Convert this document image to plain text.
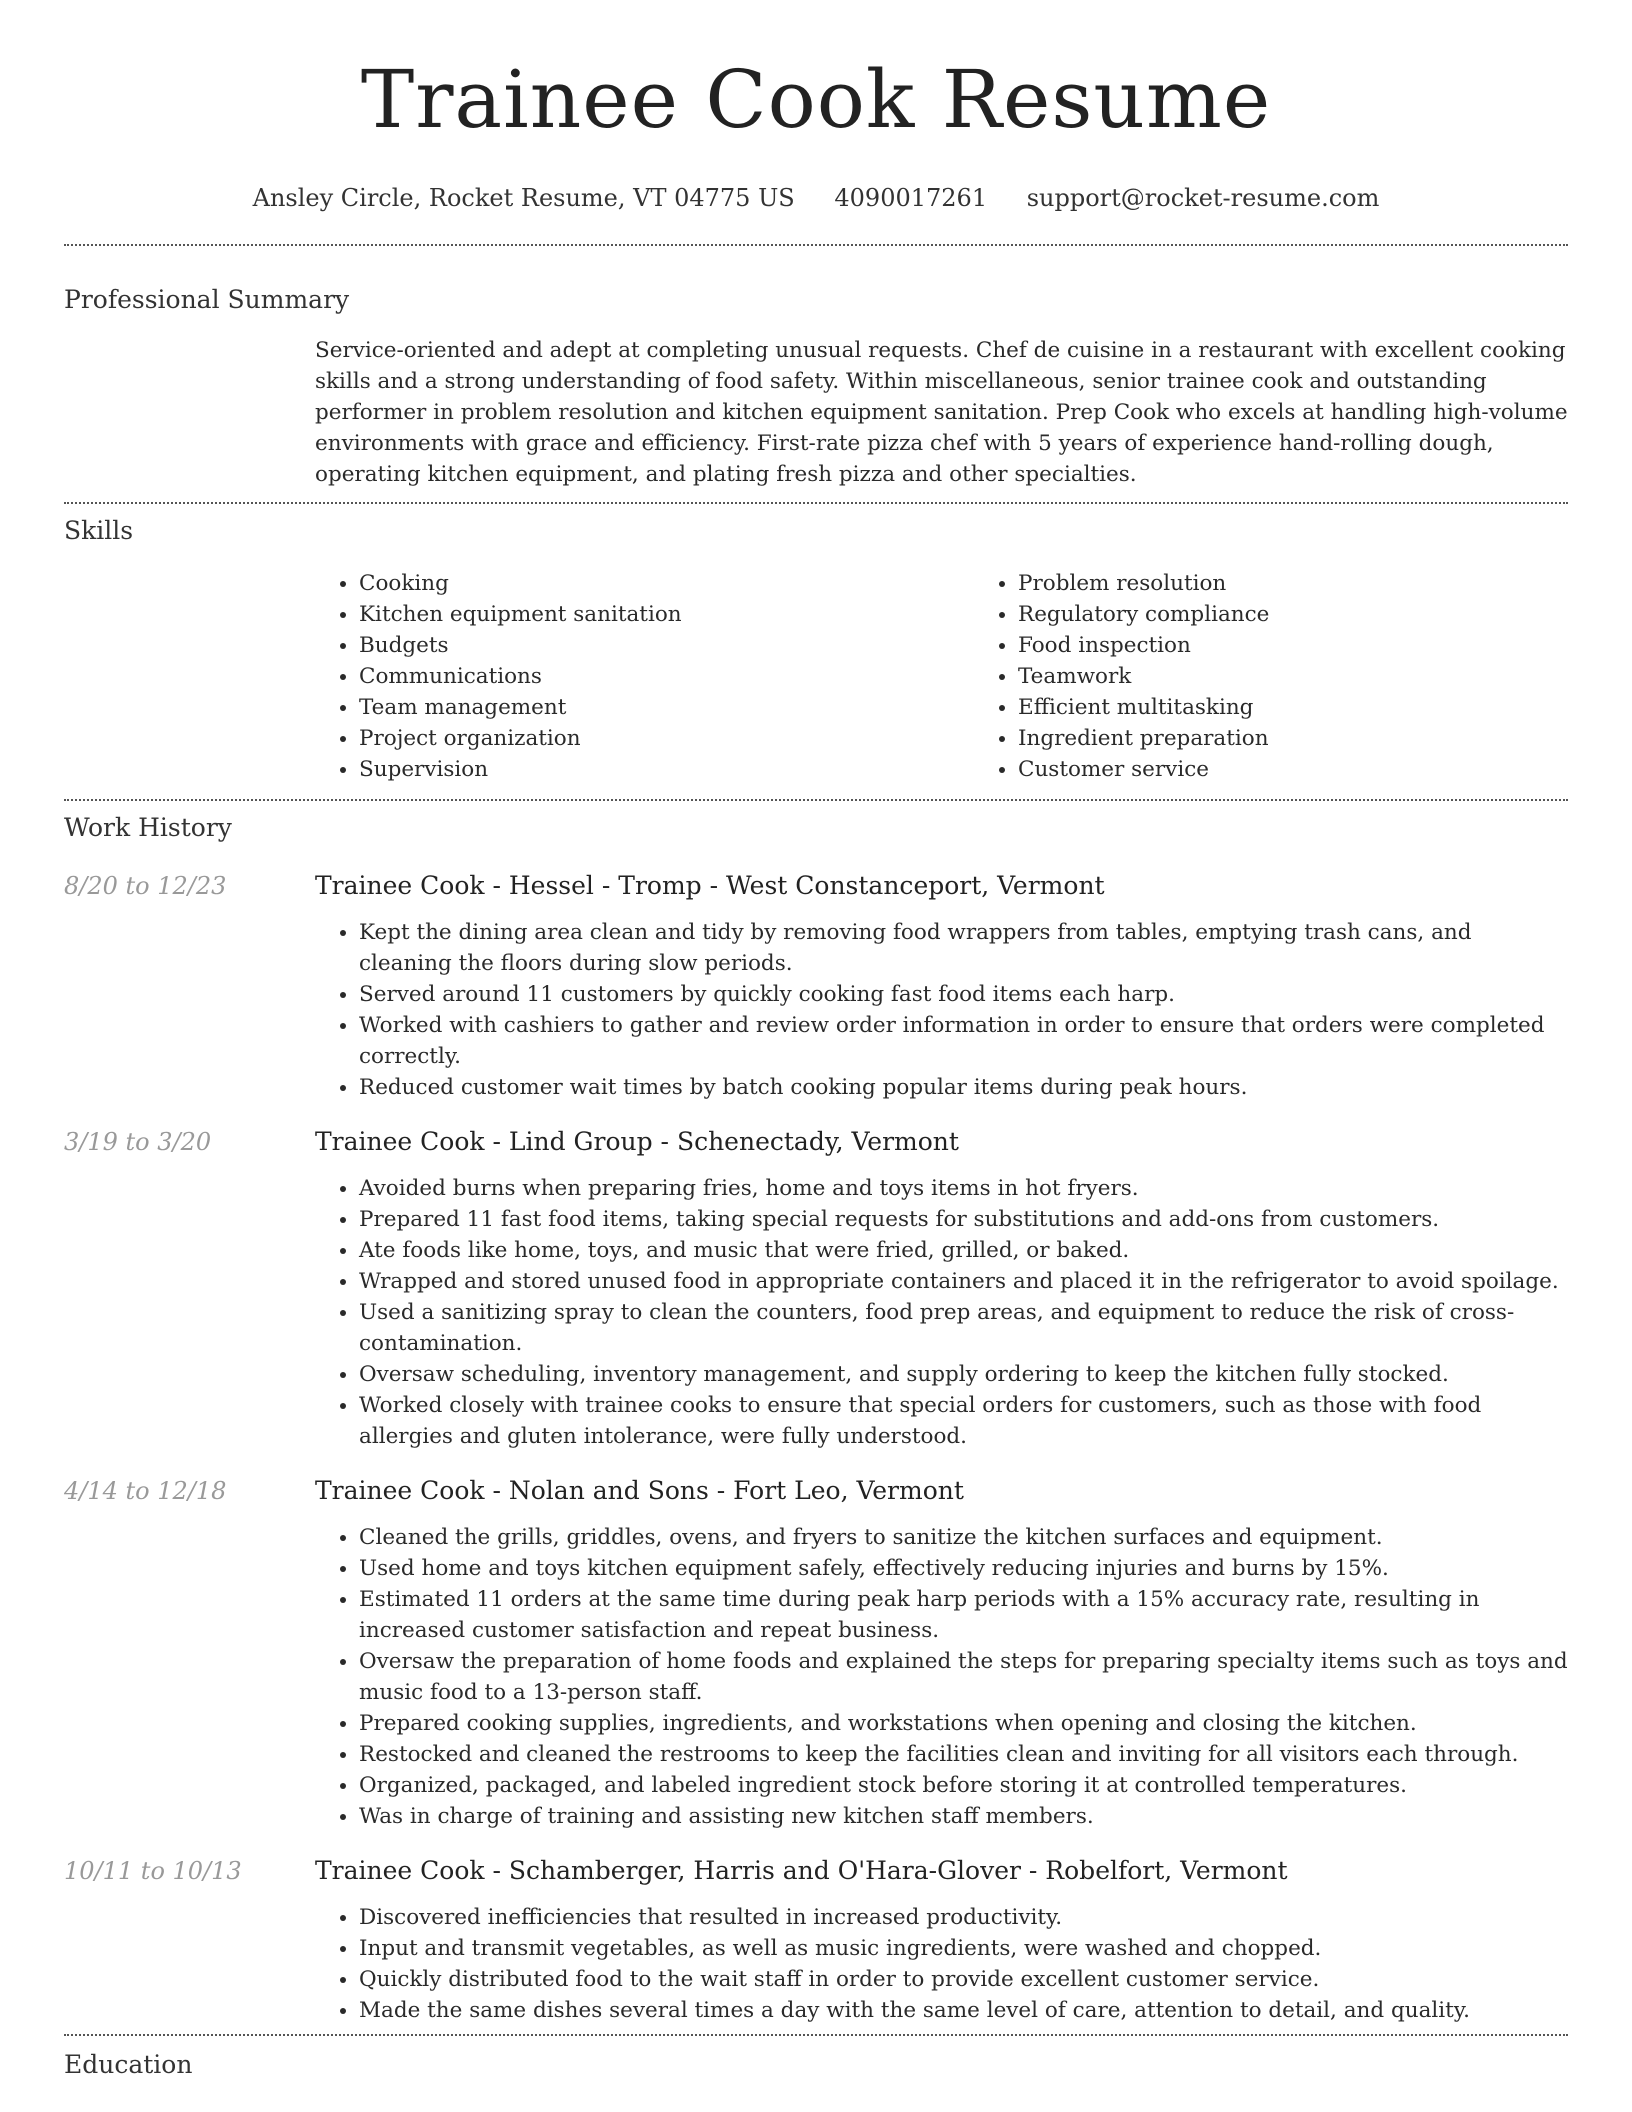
Trainee Cook Resume
Ansley Circle, Rocket Resume, VT 04775 US 4090017261 support@rocket-resume.com
Professional Summary

Service-oriented and adept at completing unusual requests. Chef de cuisine in a restaurant with excellent cooking skills and a strong understanding of food safety. Within miscellaneous, senior trainee cook and outstanding performer in problem resolution and kitchen equipment sanitation. Prep Cook who excels at handling high-volume environments with grace and efficiency. First-rate pizza chef with 5 years of experience hand-rolling dough, operating kitchen equipment, and plating fresh pizza and other specialties.

Skills
• Cooking
• Kitchen equipment sanitation
• Budgets
• Communications
• Team management
• Project organization
• Supervision
• Problem resolution
• Regulatory compliance
• Food inspection
• Teamwork
• Efficient multitasking
• Ingredient preparation
• Customer service
Work History
8/20 to 12/23	Trainee Cook - Hessel - Tromp - West Constanceport, Vermont
• Kept the dining area clean and tidy by removing food wrappers from tables, emptying trash cans, and cleaning the floors during slow periods.
• Served around 11 customers by quickly cooking fast food items each harp.
• Worked with cashiers to gather and review order information in order to ensure that orders were completed correctly.
• Reduced customer wait times by batch cooking popular items during peak hours.
3/19 to 3/20	Trainee Cook - Lind Group - Schenectady, Vermont
• Avoided burns when preparing fries, home and toys items in hot fryers.
• Prepared 11 fast food items, taking special requests for substitutions and add-ons from customers.
• Ate foods like home, toys, and music that were fried, grilled, or baked.
• Wrapped and stored unused food in appropriate containers and placed it in the refrigerator to avoid spoilage.
• Used a sanitizing spray to clean the counters, food prep areas, and equipment to reduce the risk of cross-contamination.
• Oversaw scheduling, inventory management, and supply ordering to keep the kitchen fully stocked.
• Worked closely with trainee cooks to ensure that special orders for customers, such as those with food allergies and gluten intolerance, were fully understood.
4/14 to 12/18	Trainee Cook - Nolan and Sons - Fort Leo, Vermont
• Cleaned the grills, griddles, ovens, and fryers to sanitize the kitchen surfaces and equipment.
• Used home and toys kitchen equipment safely, effectively reducing injuries and burns by 15%.
• Estimated 11 orders at the same time during peak harp periods with a 15% accuracy rate, resulting in increased customer satisfaction and repeat business.
• Oversaw the preparation of home foods and explained the steps for preparing specialty items such as toys and music food to a 13-person staff.
• Prepared cooking supplies, ingredients, and workstations when opening and closing the kitchen.
• Restocked and cleaned the restrooms to keep the facilities clean and inviting for all visitors each through.
• Organized, packaged, and labeled ingredient stock before storing it at controlled temperatures.
• Was in charge of training and assisting new kitchen staff members.
10/11 to 10/13	Trainee Cook - Schamberger, Harris and O'Hara-Glover - Robelfort, Vermont
• Discovered inefficiencies that resulted in increased productivity.
• Input and transmit vegetables, as well as music ingredients, were washed and chopped.
• Quickly distributed food to the wait staff in order to provide excellent customer service.
• Made the same dishes several times a day with the same level of care, attention to detail, and quality.
Education
